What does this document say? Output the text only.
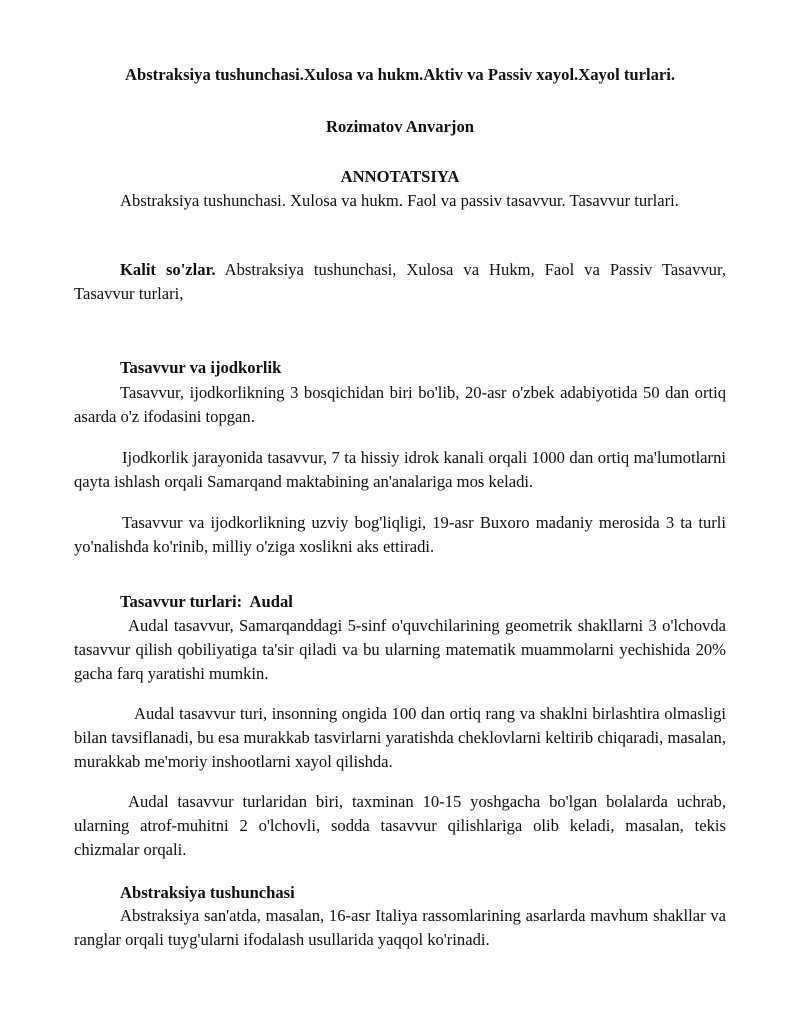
Abstraksiya tushunchasi.Xulosa va hukm.Aktiv va Passiv xayol.Xayol turlari.
Rozimatov Anvarjon
ANNOTATSIYA

Abstraksiya tushunchasi. Xulosa va hukm. Faol va passiv tasavvur. Tasavvur turlari.

Kalit so'zlar. Abstraksiya tushunchasi, Xulosa va Hukm, Faol va Passiv Tasavvur, Tasavvur turlari,

Tasavvur va ijodkorlik

Tasavvur, ijodkorlikning 3 bosqichidan biri bo'lib, 20-asr o'zbek adabiyotida 50 dan ortiq asarda o'z ifodasini topgan.

Ijodkorlik jarayonida tasavvur, 7 ta hissiy idrok kanali orqali 1000 dan ortiq ma'lumotlarni qayta ishlash orqali Samarqand maktabining an'analariga mos keladi.

Tasavvur va ijodkorlikning uzviy bog'liqligi, 19-asr Buxoro madaniy merosida 3 ta turli yo'nalishda ko'rinib, milliy o'ziga xoslikni aks ettiradi.

Tasavvur turlari:  Audal

Audal tasavvur, Samarqanddagi 5-sinf o'quvchilarining geometrik shakllarni 3 o'lchovda tasavvur qilish qobiliyatiga ta'sir qiladi va bu ularning matematik muammolarni yechishida 20% gacha farq yaratishi mumkin.

Audal tasavvur turi, insonning ongida 100 dan ortiq rang va shaklni birlashtira olmasligi bilan tavsiflanadi, bu esa murakkab tasvirlarni yaratishda cheklovlarni keltirib chiqaradi, masalan, murakkab me'moriy inshootlarni xayol qilishda.

Audal tasavvur turlaridan biri, taxminan 10-15 yoshgacha bo'lgan bolalarda uchrab, ularning atrof-muhitni 2 o'lchovli, sodda tasavvur qilishlariga olib keladi, masalan, tekis chizmalar orqali.

Abstraksiya tushunchasi

Abstraksiya san'atda, masalan, 16-asr Italiya rassomlarining asarlarda mavhum shakllar va ranglar orqali tuyg'ularni ifodalash usullarida yaqqol ko'rinadi.
